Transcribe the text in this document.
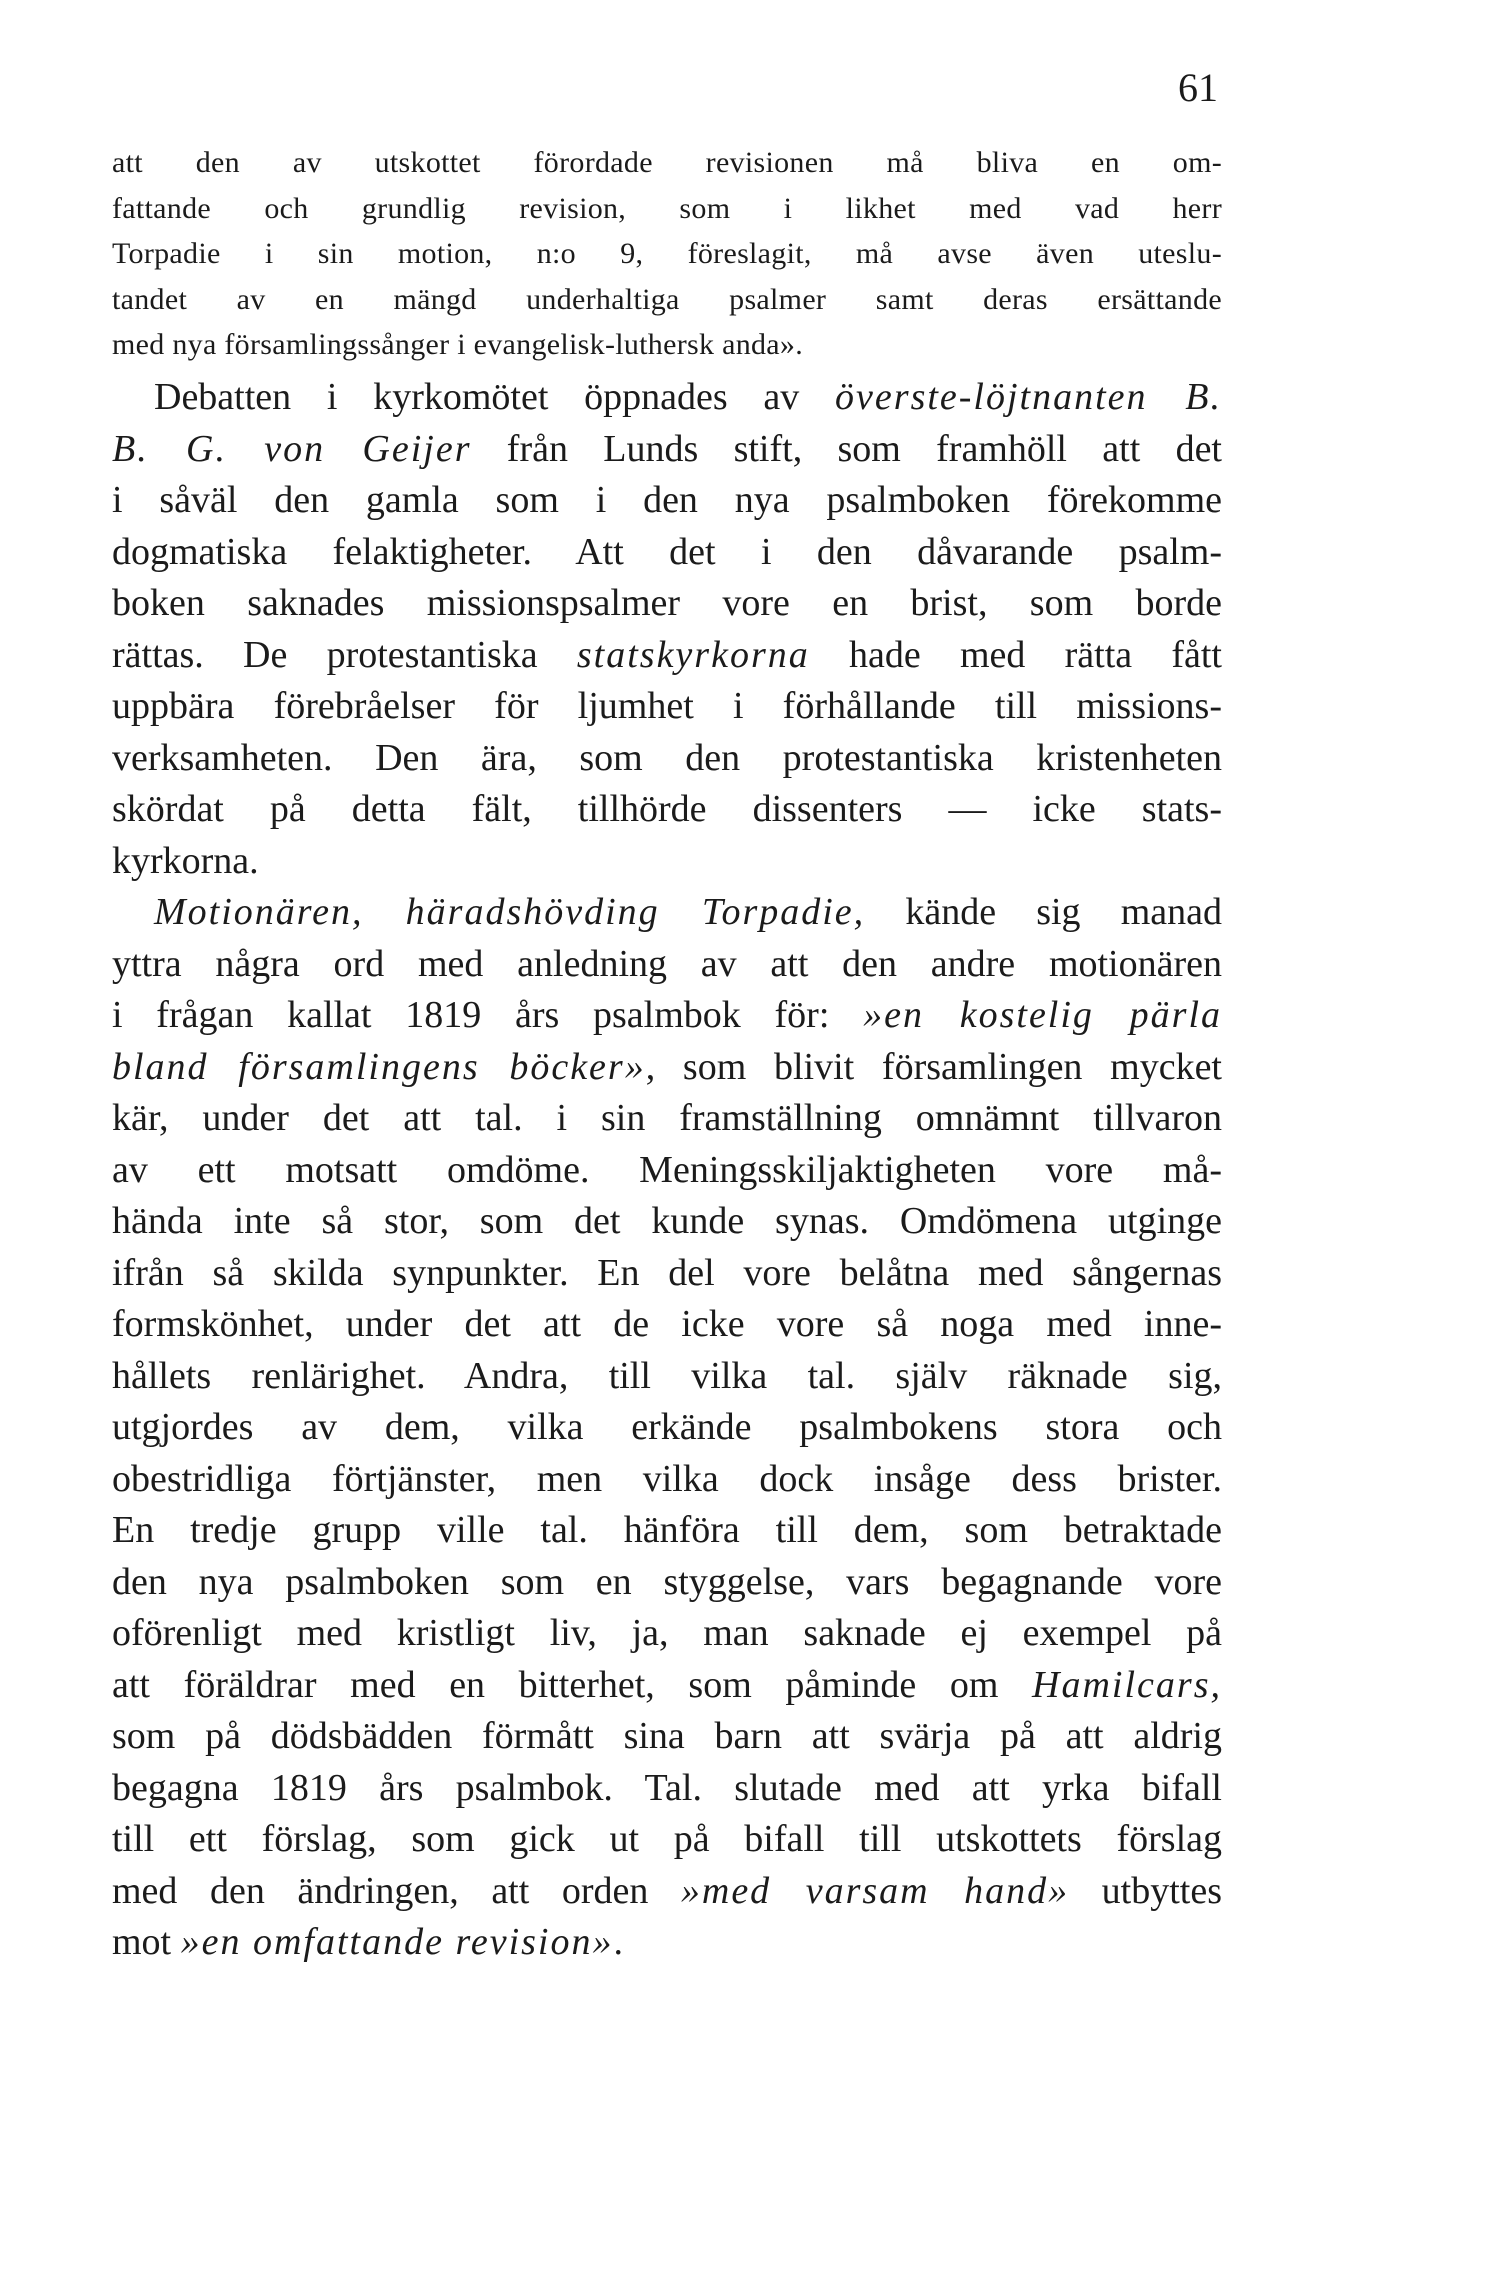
61
att den av utskottet förordade revisionen må bliva en om-
fattande och grundlig revision, som i likhet med vad herr
Torpadie i sin motion, n:o 9, föreslagit, må avse även uteslu-
tandet av en mängd underhaltiga psalmer samt deras ersättande
med nya församlingssånger i evangelisk-luthersk anda».
Debatten i kyrkomötet öppnades av överste-löjtnanten B.
B. G. von Geijer från Lunds stift, som framhöll att det
i såväl den gamla som i den nya psalmboken förekomme
dogmatiska felaktigheter. Att det i den dåvarande psalm-
boken saknades missionspsalmer vore en brist, som borde
rättas. De protestantiska statskyrkorna hade med rätta fått
uppbära förebråelser för ljumhet i förhållande till missions-
verksamheten. Den ära, som den protestantiska kristenheten
skördat på detta fält, tillhörde dissenters — icke stats-
kyrkorna.
Motionären, häradshövding Torpadie, kände sig manad
yttra några ord med anledning av att den andre motionären
i frågan kallat 1819 års psalmbok för: »en kostelig pärla
bland församlingens böcker», som blivit församlingen mycket
kär, under det att tal. i sin framställning omnämnt tillvaron
av ett motsatt omdöme. Meningsskiljaktigheten vore må-
hända inte så stor, som det kunde synas. Omdömena utginge
ifrån så skilda synpunkter. En del vore belåtna med sångernas
formskönhet, under det att de icke vore så noga med inne-
hållets renlärighet. Andra, till vilka tal. själv räknade sig,
utgjordes av dem, vilka erkände psalmbokens stora och
obestridliga förtjänster, men vilka dock insåge dess brister.
En tredje grupp ville tal. hänföra till dem, som betraktade
den nya psalmboken som en styggelse, vars begagnande vore
oförenligt med kristligt liv, ja, man saknade ej exempel på
att föräldrar med en bitterhet, som påminde om Hamilcars,
som på dödsbädden förmått sina barn att svärja på att aldrig
begagna 1819 års psalmbok. Tal. slutade med att yrka bifall
till ett förslag, som gick ut på bifall till utskottets förslag
med den ändringen, att orden »med varsam hand» utbyttes
mot »en omfattande revision».
